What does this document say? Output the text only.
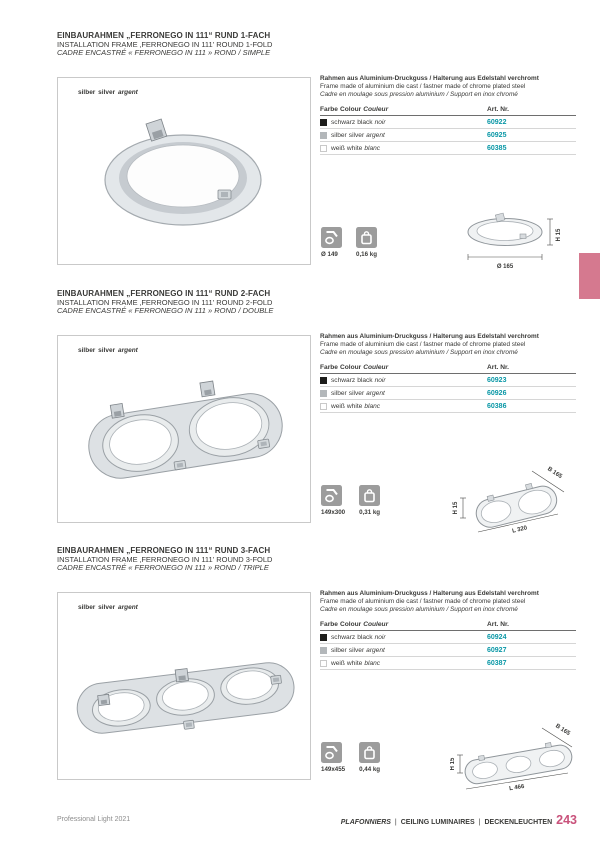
EINBAURAHMEN „FERRONEGO IN 111“ RUND 1-FACH
INSTALLATION FRAME ‚FERRONEGO IN 111’ ROUND 1-FOLD
CADRE ENCASTRÉ « FERRONEGO IN 111 » ROND / SIMPLE
silber silver argent
Rahmen aus Aluminium-Druckguss / Halterung aus Edelstahl verchromt
Frame made of aluminium die cast / fastner made of chrome plated steel
Cadre en moulage sous pression aluminium / Support en inox chromé
Farbe Colour Couleur	Art. Nr.
schwarz black noir	60922
silber silver argent	60925
weiß white blanc	60385
Ø 149	0,16 kg
Ø 165
H 15
EINBAURAHMEN „FERRONEGO IN 111“ RUND 2-FACH
INSTALLATION FRAME ‚FERRONEGO IN 111’ ROUND 2-FOLD
CADRE ENCASTRÉ « FERRONEGO IN 111 » ROND / DOUBLE
silber silver argent
Rahmen aus Aluminium-Druckguss / Halterung aus Edelstahl verchromt
Frame made of aluminium die cast / fastner made of chrome plated steel
Cadre en moulage sous pression aluminium / Support en inox chromé
Farbe Colour Couleur	Art. Nr.
schwarz black noir	60923
silber silver argent	60926
weiß white blanc	60386
149x300 0,31 kg	H 15
B 165
L 320
EINBAURAHMEN „FERRONEGO IN 111“ RUND 3-FACH
INSTALLATION FRAME ‚FERRONEGO IN 111’ ROUND 3-FOLD
CADRE ENCASTRÉ « FERRONEGO IN 111 » ROND / TRIPLE
silber silver argent
Rahmen aus Aluminium-Druckguss / Halterung aus Edelstahl verchromt
Frame made of aluminium die cast / fastner made of chrome plated steel
Cadre en moulage sous pression aluminium / Support en inox chromé
Farbe Colour Couleur	Art. Nr.
schwarz black noir	60924
silber silver argent	60927
weiß white blanc	60387
149x455 0,44 kg	H 15
B 165
L 466
Professional Light 2021	PLAFONNIERS | CEILING LUMINAIRES | DECKENLEUCHTEN 243
